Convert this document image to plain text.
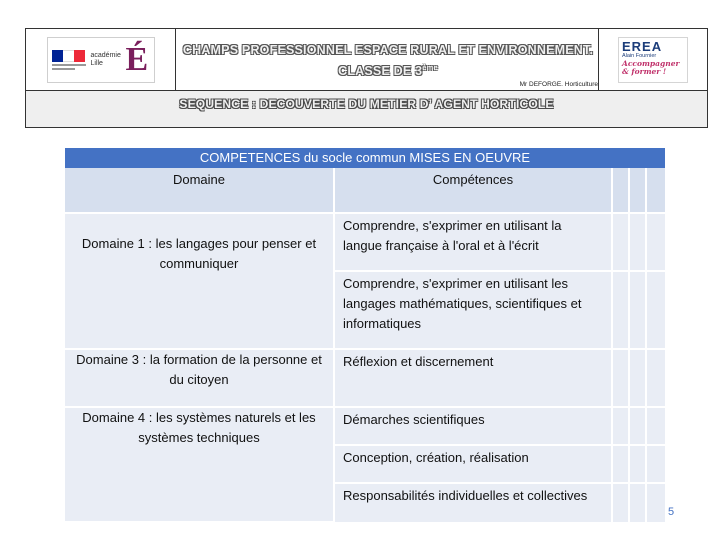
académie
Lille É	CHAMPS PROFESSIONNEL ESPACE RURAL ET ENVIRONNEMENT.
CLASSE DE 3ème
Mr DEFORGE. Horticulture
EREA
Alain Fournier
Accompagner
& former !
SEQUENCE : DECOUVERTE DU METIER D’ AGENT HORTICOLE
COMPETENCES du socle commun MISES EN OEUVRE
Domaine	Compétences
Domaine 1 : les langages pour penser et communiquer
Comprendre, s'exprimer en utilisant la langue française à l'oral et à l'écrit
Comprendre, s'exprimer en utilisant les langages mathématiques, scientifiques et informatiques
Domaine 3 : la formation de la personne et du citoyen
Réflexion et discernement
Domaine 4 : les systèmes naturels et les systèmes techniques
Démarches scientifiques
Conception, création, réalisation
Responsabilités individuelles et collectives
5
